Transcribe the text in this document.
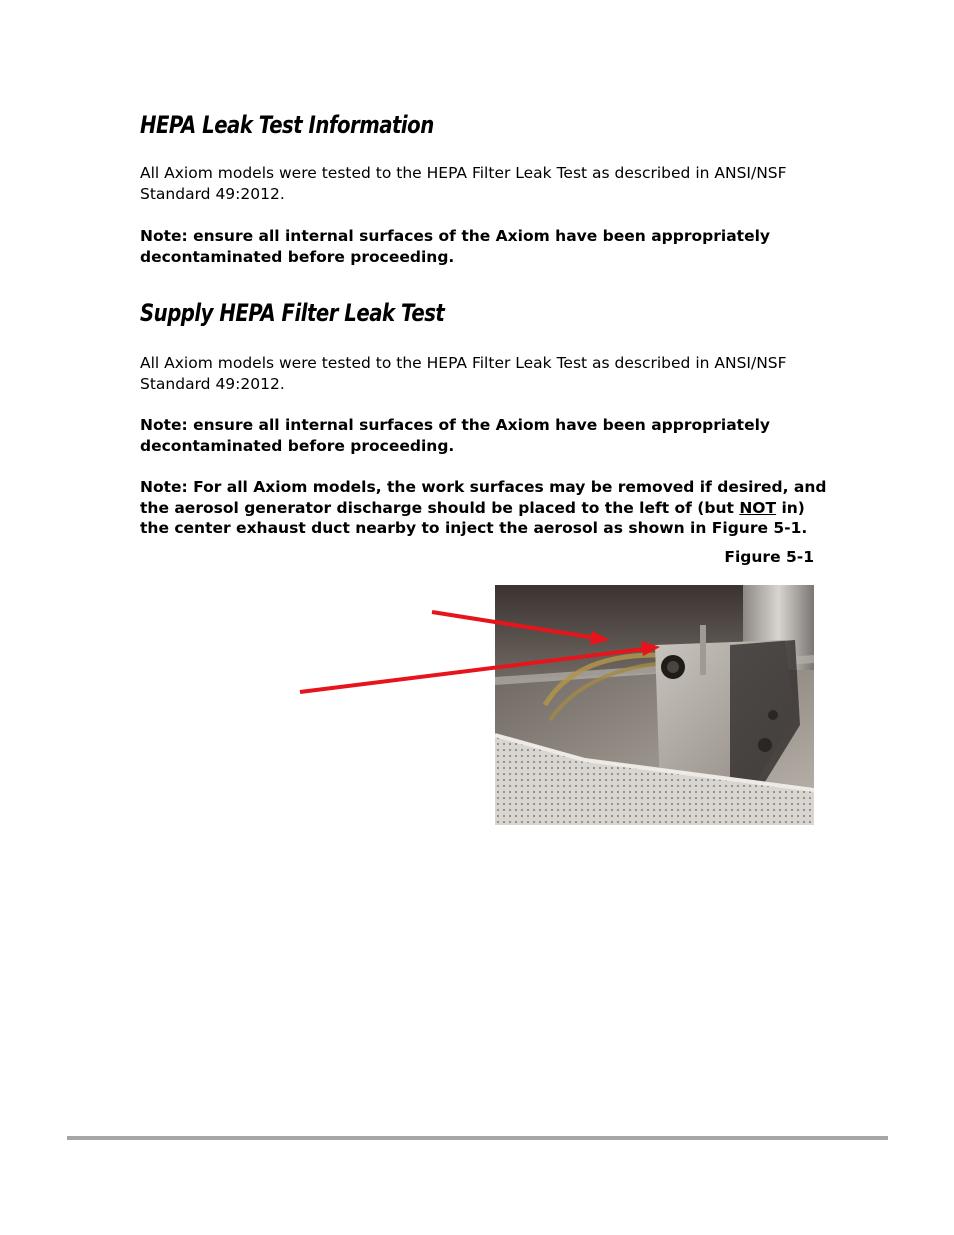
HEPA Leak Test Information

All Axiom models were tested to the HEPA Filter Leak Test as described in ANSI/NSF Standard 49:2012.

Note: ensure all internal surfaces of the Axiom have been appropriately decontaminated before proceeding.

Supply HEPA Filter Leak Test

All Axiom models were tested to the HEPA Filter Leak Test as described in ANSI/NSF Standard 49:2012.

Note: ensure all internal surfaces of the Axiom have been appropriately decontaminated before proceeding.

Note: For all Axiom models, the work surfaces may be removed if desired, and the aerosol generator discharge should be placed to the left of (but NOT in) the center exhaust duct nearby to inject the aerosol as shown in Figure 5-1.

Figure 5-1
